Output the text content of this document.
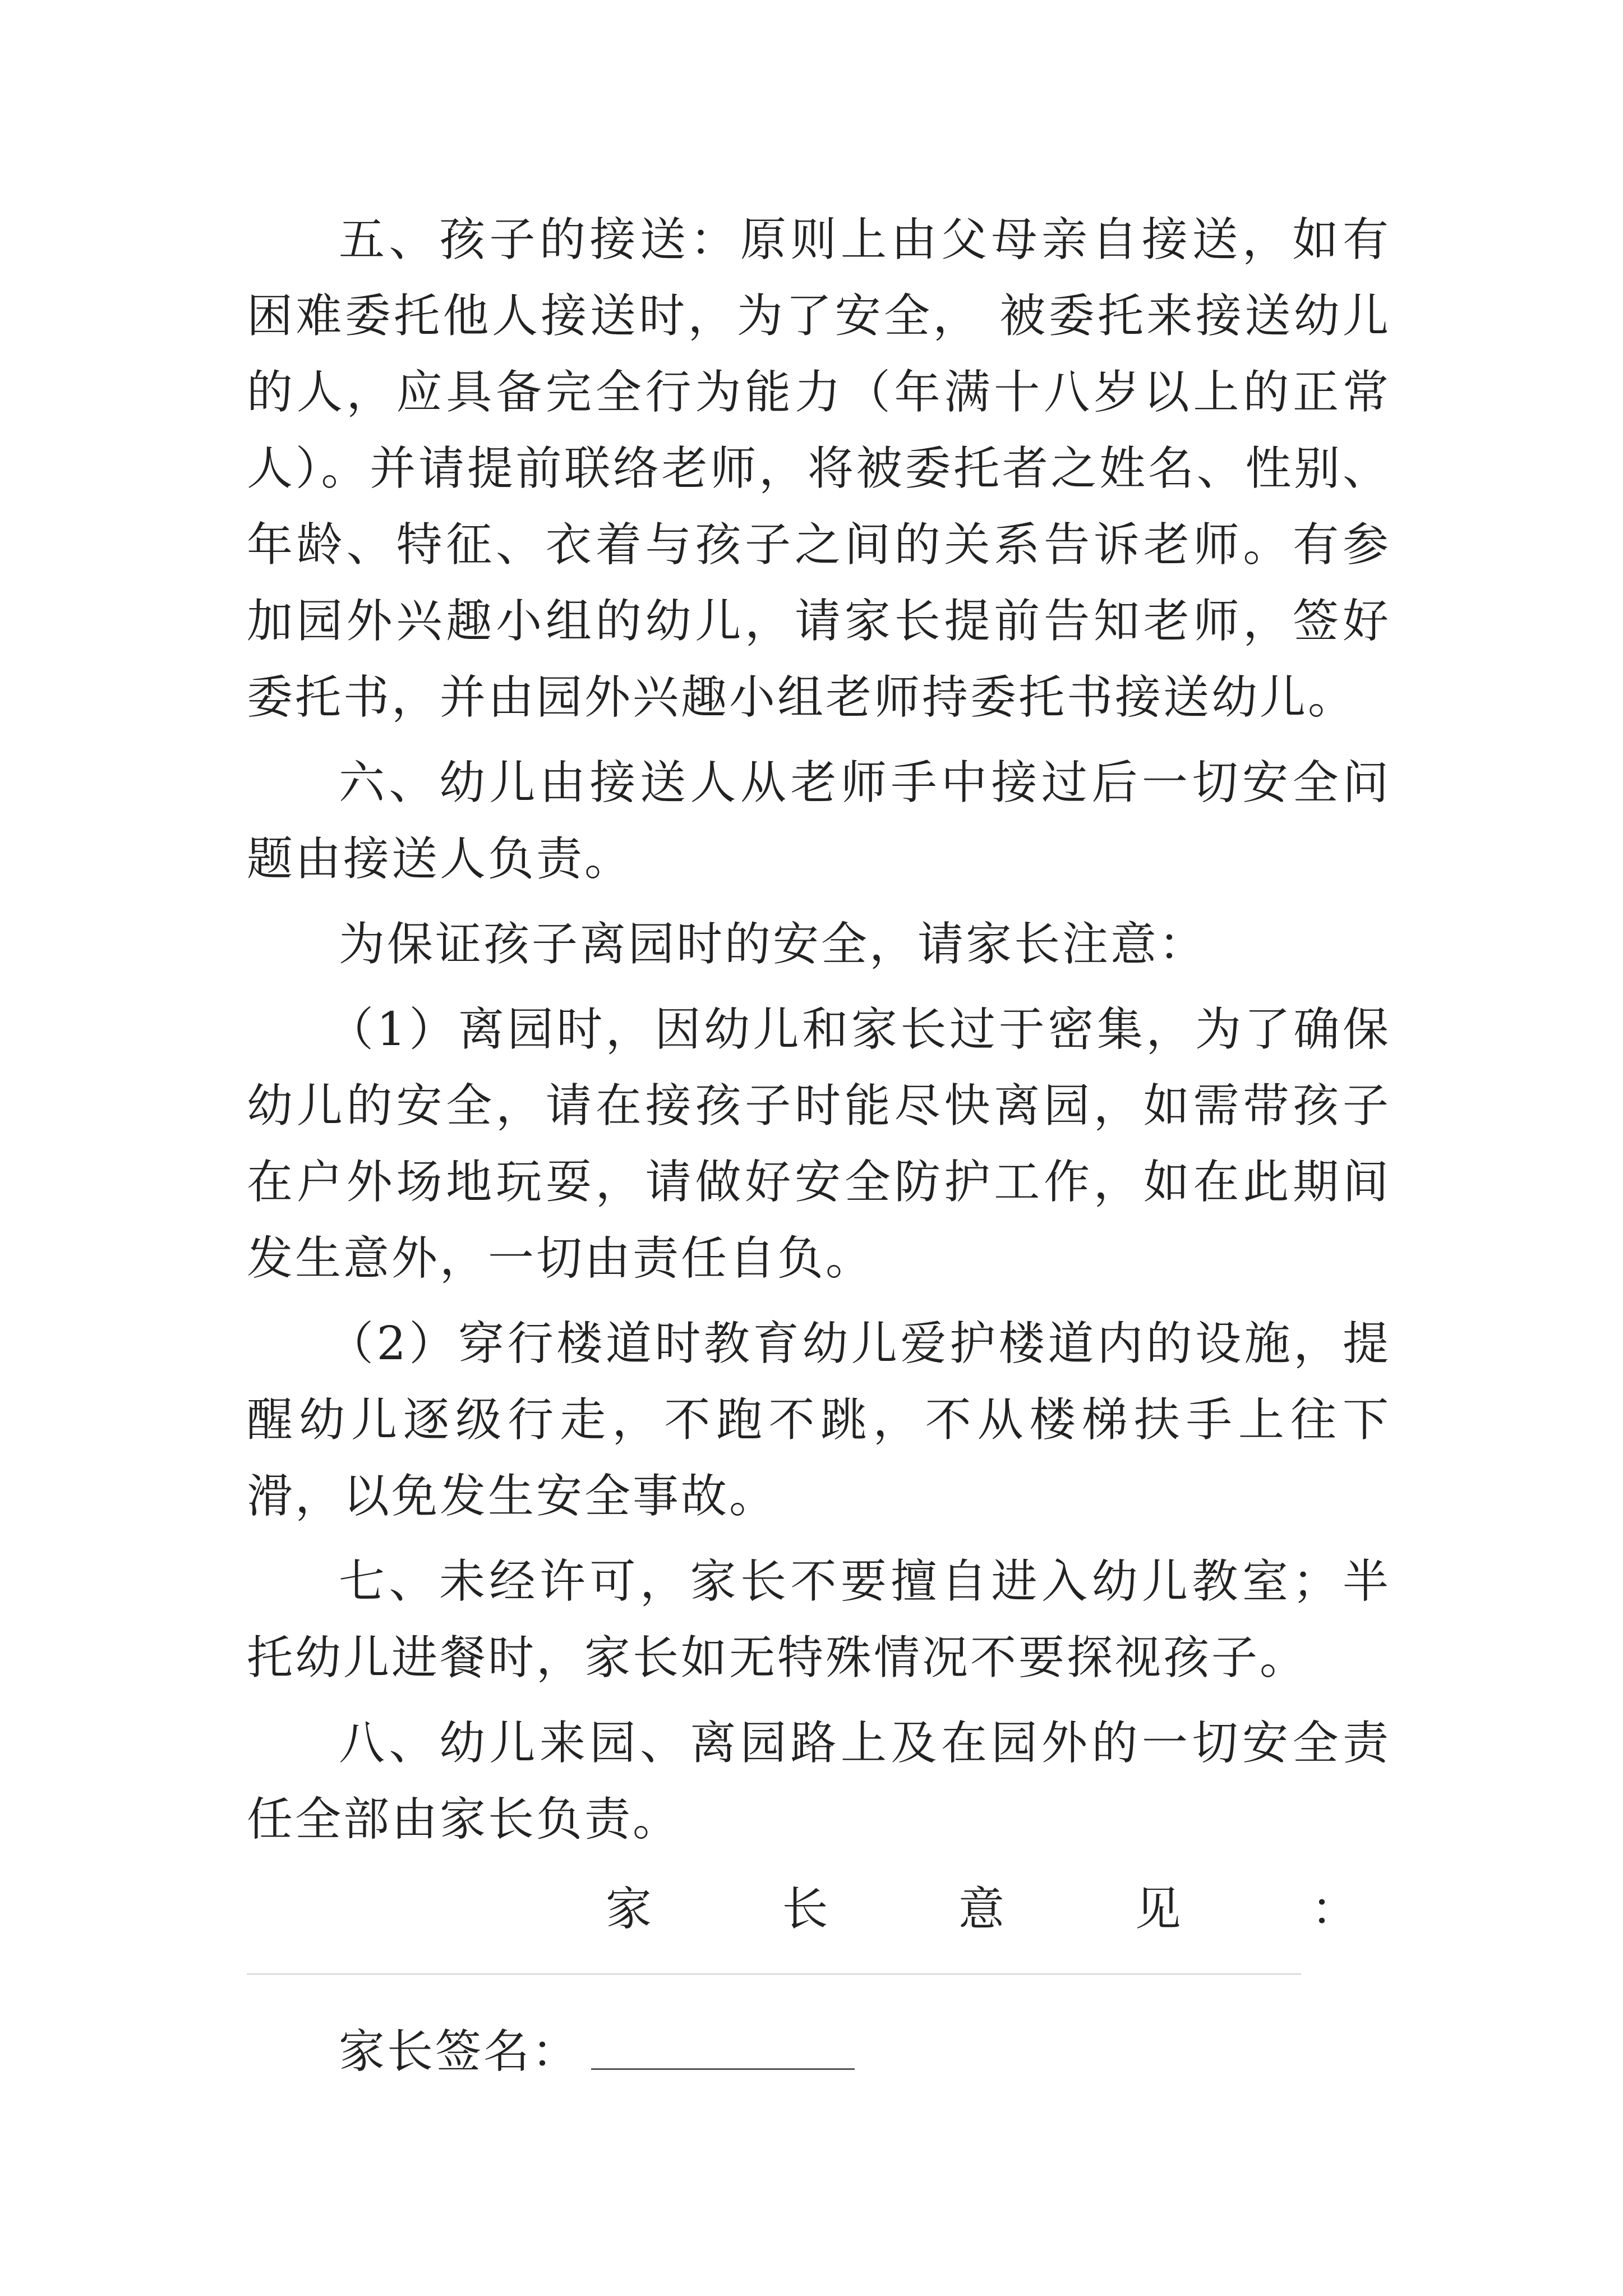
五、孩子的接送：原则上由父母亲自接送，如有困难委托他人接送时，为了安全， 被委托来接送幼儿的人，应具备完全行为能力（年满十八岁以上的正常人）。并请提前联络老师，将被委托者之姓名、性别、年龄、特征、衣着与孩子之间的关系告诉老师。有参加园外兴趣小组的幼儿，请家长提前告知老师，签好委托书，并由园外兴趣小组老师持委托书接送幼儿。

六、幼儿由接送人从老师手中接过后一切安全问题由接送人负责。

为保证孩子离园时的安全，请家长注意：

（1）离园时，因幼儿和家长过于密集，为了确保幼儿的安全，请在接孩子时能尽快离园，如需带孩子在户外场地玩耍，请做好安全防护工作，如在此期间发生意外，一切由责任自负。

（2）穿行楼道时教育幼儿爱护楼道内的设施，提醒幼儿逐级行走，不跑不跳，不从楼梯扶手上往下滑，以免发生安全事故。

七、未经许可，家长不要擅自进入幼儿教室；半托幼儿进餐时，家长如无特殊情况不要探视孩子。

八、幼儿来园、离园路上及在园外的一切安全责任全部由家长负责。

家	长	意	见	：
家长签名：
